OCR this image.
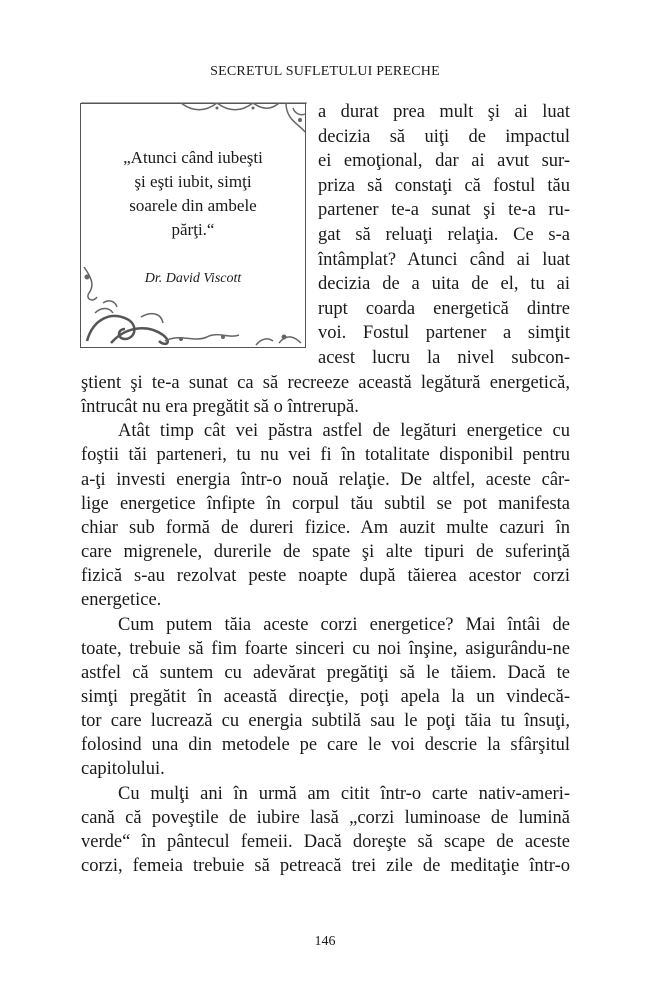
SECRETUL SUFLETULUI PERECHE
„Atunci când iubeşti
şi eşti iubit, simţi
soarele din ambele
părţi.“
Dr. David Viscott
a durat prea mult şi ai luat
decizia să uiţi de impactul
ei emoţional, dar ai avut sur-
priza să constaţi că fostul tău
partener te-a sunat şi te-a ru-
gat să reluaţi relaţia. Ce s-a
întâmplat? Atunci când ai luat
decizia de a uita de el, tu ai
rupt coarda energetică dintre
voi. Fostul partener a simţit
acest lucru la nivel subcon-
ştient şi te-a sunat ca să recreeze această legătură energetică,
întrucât nu era pregătit să o întrerupă.
Atât timp cât vei păstra astfel de legături energetice cu
foştii tăi parteneri, tu nu vei fi în totalitate disponibil pentru
a-ţi investi energia într-o nouă relaţie. De altfel, aceste câr-
lige energetice înfipte în corpul tău subtil se pot manifesta
chiar sub formă de dureri fizice. Am auzit multe cazuri în
care migrenele, durerile de spate şi alte tipuri de suferinţă
fizică s-au rezolvat peste noapte după tăierea acestor corzi
energetice.
Cum putem tăia aceste corzi energetice? Mai întâi de
toate, trebuie să fim foarte sinceri cu noi înşine, asigurându-ne
astfel că suntem cu adevărat pregătiţi să le tăiem. Dacă te
simţi pregătit în această direcţie, poţi apela la un vindecă-
tor care lucrează cu energia subtilă sau le poţi tăia tu însuţi,
folosind una din metodele pe care le voi descrie la sfârşitul
capitolului.
Cu mulţi ani în urmă am citit într-o carte nativ-ameri-
cană că poveştile de iubire lasă „corzi luminoase de lumină
verde“ în pântecul femeii. Dacă doreşte să scape de aceste
corzi, femeia trebuie să petreacă trei zile de meditaţie într-o
146
